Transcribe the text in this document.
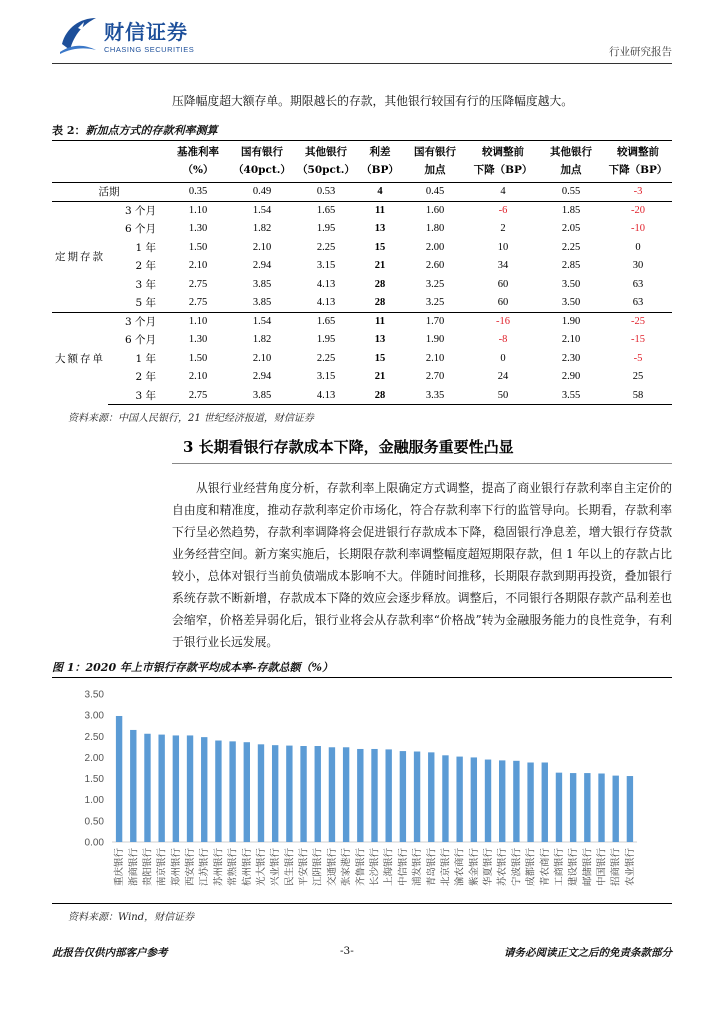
财信证券
CHASING SECURITIES	行业研究报告
压降幅度超大额存单。期限越长的存款，其他银行较国有行的压降幅度越大。
表 2：新加点方式的存款利率测算
		基准利率	国有银行	其他银行	利差	国有银行	较调整前	其他银行	较调整前
		（%）	（40pct.）	（50pct.）	（BP）	加点	下降（BP）	加点	下降（BP）
活期		0.35	0.49	0.53	4	0.45	4	0.55	-3
定期存款	3 个月	1.10	1.54	1.65	11	1.60	-6	1.85	-20
	6 个月	1.30	1.82	1.95	13	1.80	2	2.05	-10
	1 年	1.50	2.10	2.25	15	2.00	10	2.25	0
	2 年	2.10	2.94	3.15	21	2.60	34	2.85	30
	3 年	2.75	3.85	4.13	28	3.25	60	3.50	63
	5 年	2.75	3.85	4.13	28	3.25	60	3.50	63
大额存单	3 个月	1.10	1.54	1.65	11	1.70	-16	1.90	-25
	6 个月	1.30	1.82	1.95	13	1.90	-8	2.10	-15
	1 年	1.50	2.10	2.25	15	2.10	0	2.30	-5
	2 年	2.10	2.94	3.15	21	2.70	24	2.90	25
	3 年	2.75	3.85	4.13	28	3.35	50	3.55	58
资料来源：中国人民银行，21 世纪经济报道，财信证券
3 长期看银行存款成本下降，金融服务重要性凸显
从银行业经营角度分析，存款利率上限确定方式调整，提高了商业银行存款利率自主定价的自由度和精准度，推动存款利率定价市场化，符合存款利率下行的监管导向。长期看，存款利率下行呈必然趋势，存款利率调降将会促进银行存款成本下降，稳固银行净息差，增大银行存贷款业务经营空间。新方案实施后，长期限存款利率调整幅度超短期限存款，但 1 年以上的存款占比较小，总体对银行当前负债端成本影响不大。伴随时间推移，长期限存款到期再投资，叠加银行系统存款不断新增，存款成本下降的效应会逐步释放。调整后，不同银行各期限存款产品利差也会缩窄，价格差异弱化后，银行业将会从存款利率“价格战”转为金融服务能力的良性竞争，有利于银行业长远发展。
图 1：2020 年上市银行存款平均成本率-存款总额（%）
0.00
0.50
1.00
1.50
2.00
2.50
3.00
3.50
重庆银行 浙商银行 贵阳银行 南京银行 郑州银行 西安银行 江苏银行 苏州银行 常熟银行 杭州银行 光大银行 兴业银行 民生银行 平安银行 江阴银行 交通银行 张家港行 齐鲁银行 长沙银行 上海银行 中信银行 浦发银行 青岛银行 北京银行 渝农商行 紫金银行 华夏银行 苏农银行 宁波银行 成都银行 青农商行 工商银行 建设银行 邮储银行 中国银行 招商银行 农业银行
资料来源：Wind，财信证券
此报告仅供内部客户参考	-3-	请务必阅读正文之后的免责条款部分
